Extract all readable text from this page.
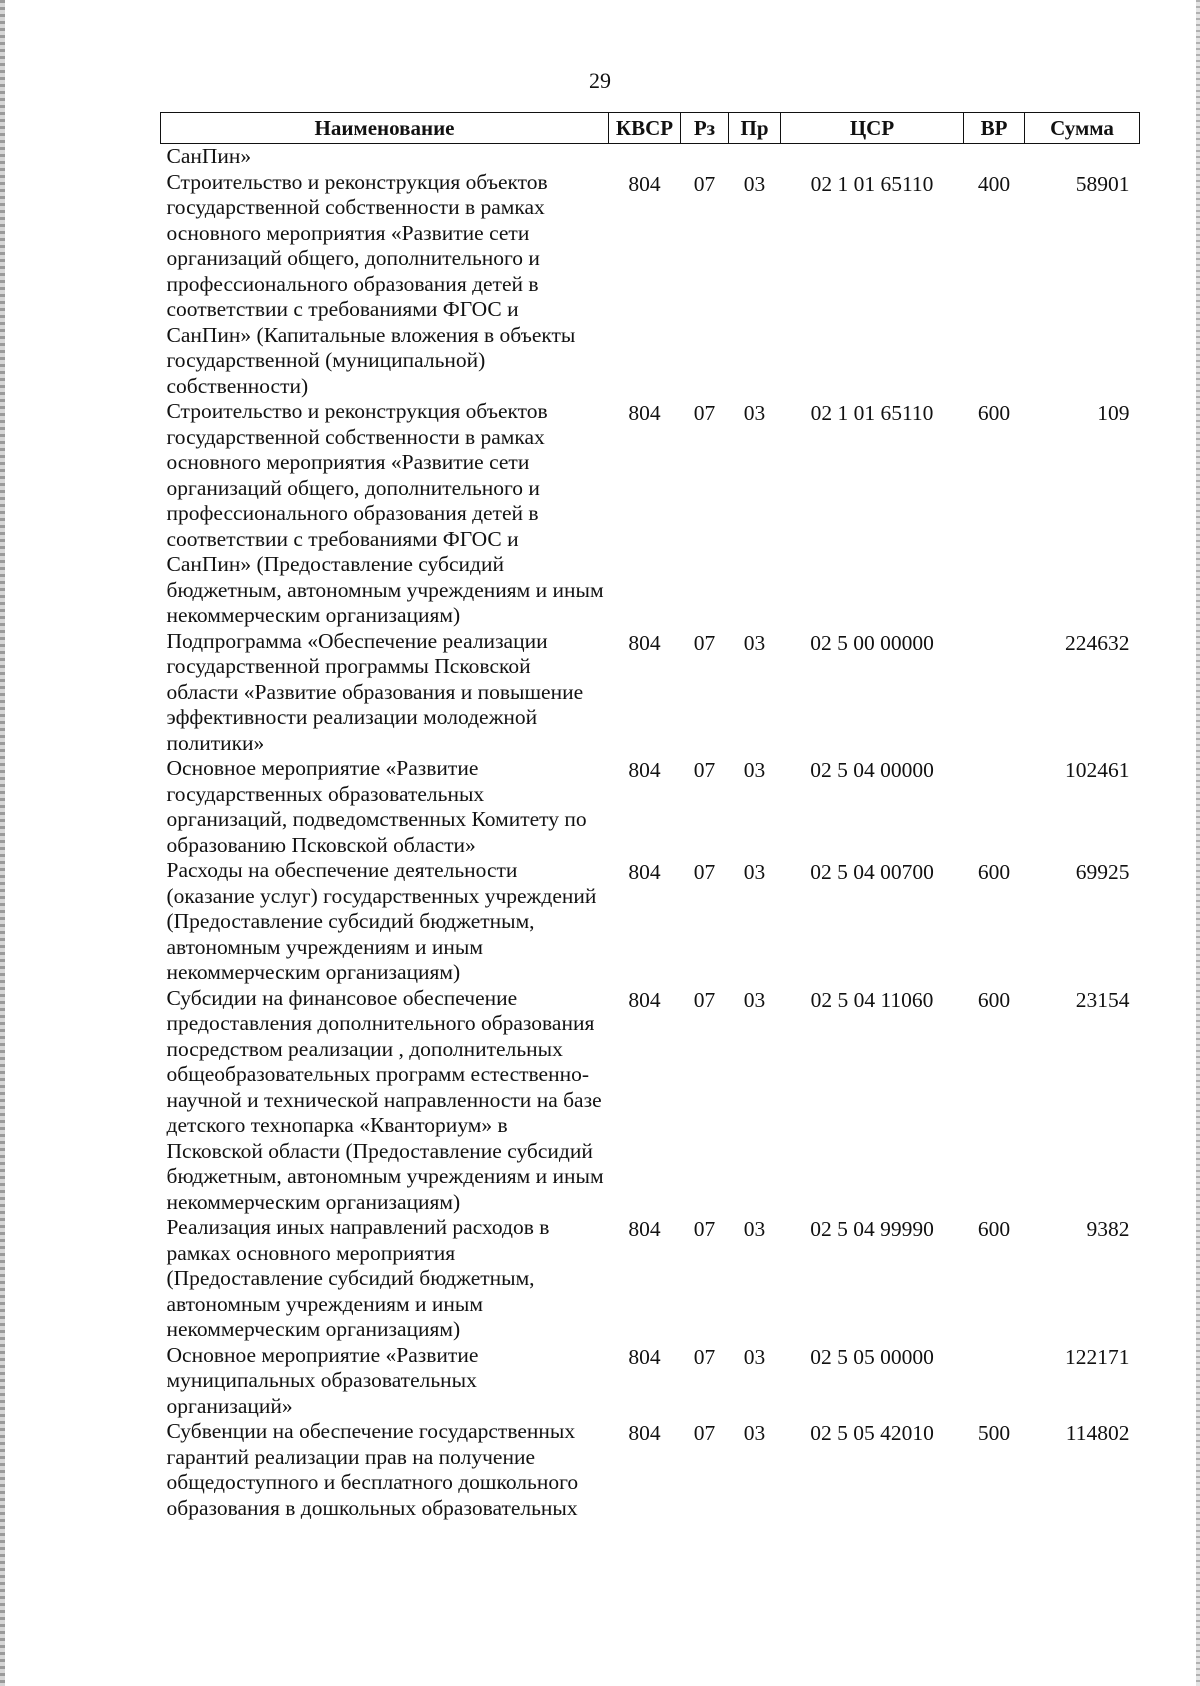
29
Наименование	КВСР	Рз	Пр	ЦСР	ВР	Сумма
СанПин»						
Строительство и реконструкция объектов государственной собственности в рамках основного мероприятия «Развитие сети организаций общего, дополнительного и профессионального образования детей в соответствии с требованиями ФГОС и СанПин» (Капитальные вложения в объекты государственной (муниципальной) собственности)	804	07	03	02 1 01 65110	400	58901
Строительство и реконструкция объектов государственной собственности в рамках основного мероприятия «Развитие сети организаций общего, дополнительного и профессионального образования детей в соответствии с требованиями ФГОС и СанПин» (Предоставление субсидий бюджетным, автономным учреждениям и иным некоммерческим организациям)	804	07	03	02 1 01 65110	600	109
Подпрограмма «Обеспечение реализации государственной программы Псковской области «Развитие образования и повышение эффективности реализации молодежной политики»	804	07	03	02 5 00 00000		224632
Основное мероприятие «Развитие государственных образовательных организаций, подведомственных Комитету по образованию Псковской области»	804	07	03	02 5 04 00000		102461
Расходы на обеспечение деятельности (оказание услуг) государственных учреждений (Предоставление субсидий бюджетным, автономным учреждениям и иным некоммерческим организациям)	804	07	03	02 5 04 00700	600	69925
Субсидии на финансовое обеспечение предоставления дополнительного образования посредством реализации , дополнительных общеобразовательных программ естественно-научной и технической направленности на базе детского технопарка «Кванториум» в Псковской области (Предоставление субсидий бюджетным, автономным учреждениям и иным некоммерческим организациям)	804	07	03	02 5 04 11060	600	23154
Реализация иных направлений расходов в рамках основного мероприятия (Предоставление субсидий бюджетным, автономным учреждениям и иным некоммерческим организациям)	804	07	03	02 5 04 99990	600	9382
Основное мероприятие «Развитие муниципальных образовательных организаций»	804	07	03	02 5 05 00000		122171
Субвенции на обеспечение государственных гарантий реализации прав на получение общедоступного и бесплатного дошкольного образования в дошкольных образовательных	804	07	03	02 5 05 42010	500	114802
